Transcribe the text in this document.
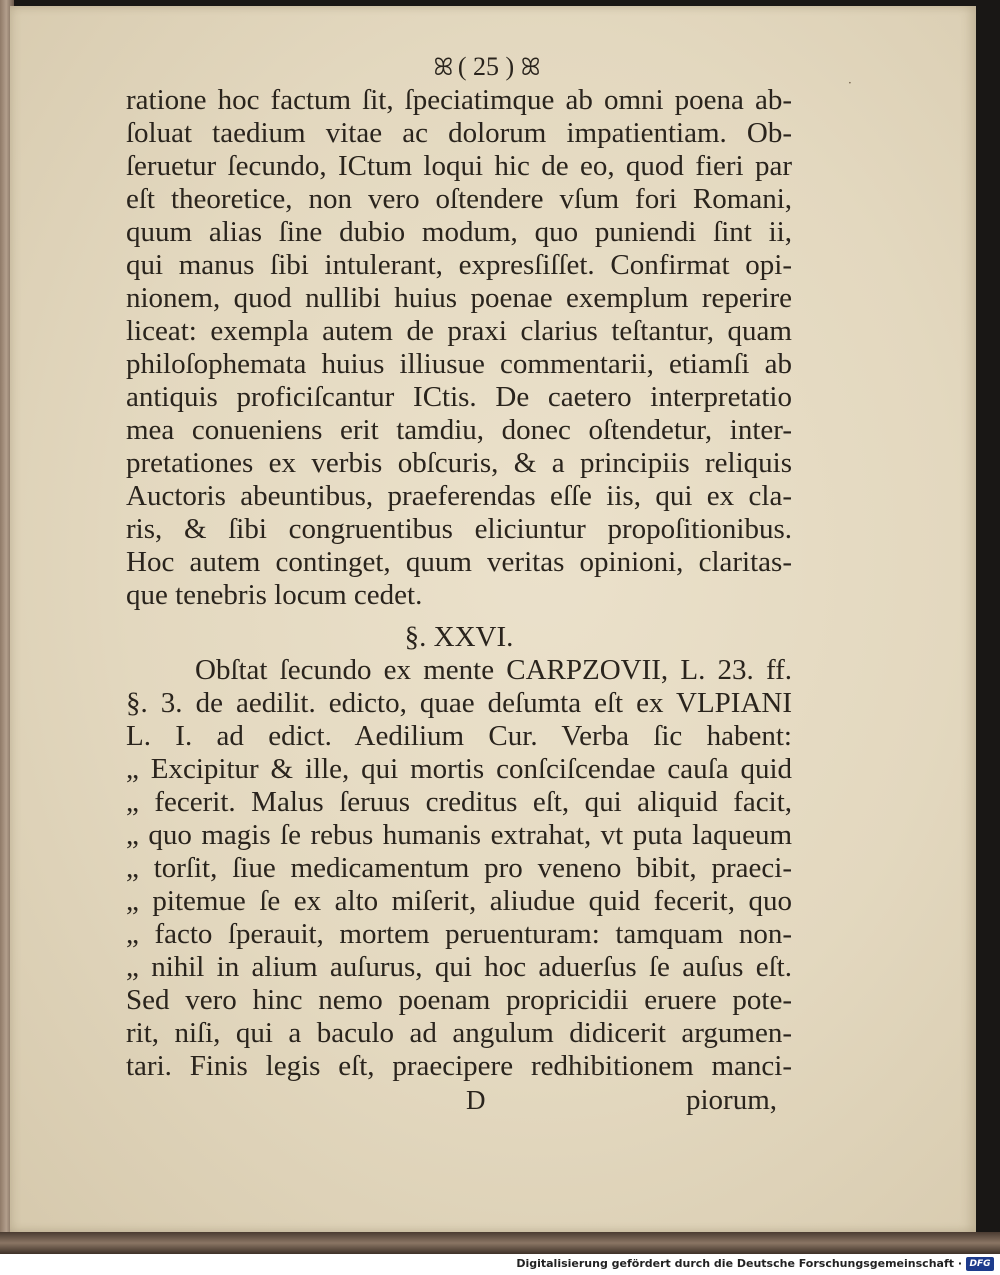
·
ꕤ ( 25 ) ꕤ
ratione hoc factum ſit, ſpeciatimque ab omni poena ab-
ſoluat taedium vitae ac dolorum impatientiam. Ob-
ſeruetur ſecundo, ICtum loqui hic de eo, quod fieri par
eſt theoretice, non vero oſtendere vſum fori Romani,
quum alias ſine dubio modum, quo puniendi ſint ii,
qui manus ſibi intulerant, expresſiſſet. Confirmat opi-
nionem, quod nullibi huius poenae exemplum reperire
liceat: exempla autem de praxi clarius teſtantur, quam
philoſophemata huius illiusue commentarii, etiamſi ab
antiquis proficiſcantur ICtis. De caetero interpretatio
mea conueniens erit tamdiu, donec oſtendetur, inter-
pretationes ex verbis obſcuris, & a principiis reliquis
Auctoris abeuntibus, praeferendas eſſe iis, qui ex cla-
ris, & ſibi congruentibus eliciuntur propoſitionibus.
Hoc autem continget, quum veritas opinioni, claritas-
que tenebris locum cedet.
§. XXVI.
Obſtat ſecundo ex mente CARPZOVII, L. 23. ff.
§. 3. de aedilit. edicto, quae deſumta eſt ex VLPIANI
L. I. ad edict. Aedilium Cur. Verba ſic habent:
„ Excipitur & ille, qui mortis conſciſcendae cauſa quid
„ fecerit. Malus ſeruus creditus eſt, qui aliquid facit,
„ quo magis ſe rebus humanis extrahat, vt puta laqueum
„ torſit, ſiue medicamentum pro veneno bibit, praeci-
„ pitemue ſe ex alto miſerit, aliudue quid fecerit, quo
„ facto ſperauit, mortem peruenturam: tamquam non-
„ nihil in alium auſurus, qui hoc aduerſus ſe auſus eſt.
Sed vero hinc nemo poenam propricidii eruere pote-
rit, niſi, qui a baculo ad angulum didicerit argumen-
tari. Finis legis eſt, praecipere redhibitionem manci-
D	piorum,
Digitalisierung gefördert durch die Deutsche Forschungsgemeinschaft · DFG
